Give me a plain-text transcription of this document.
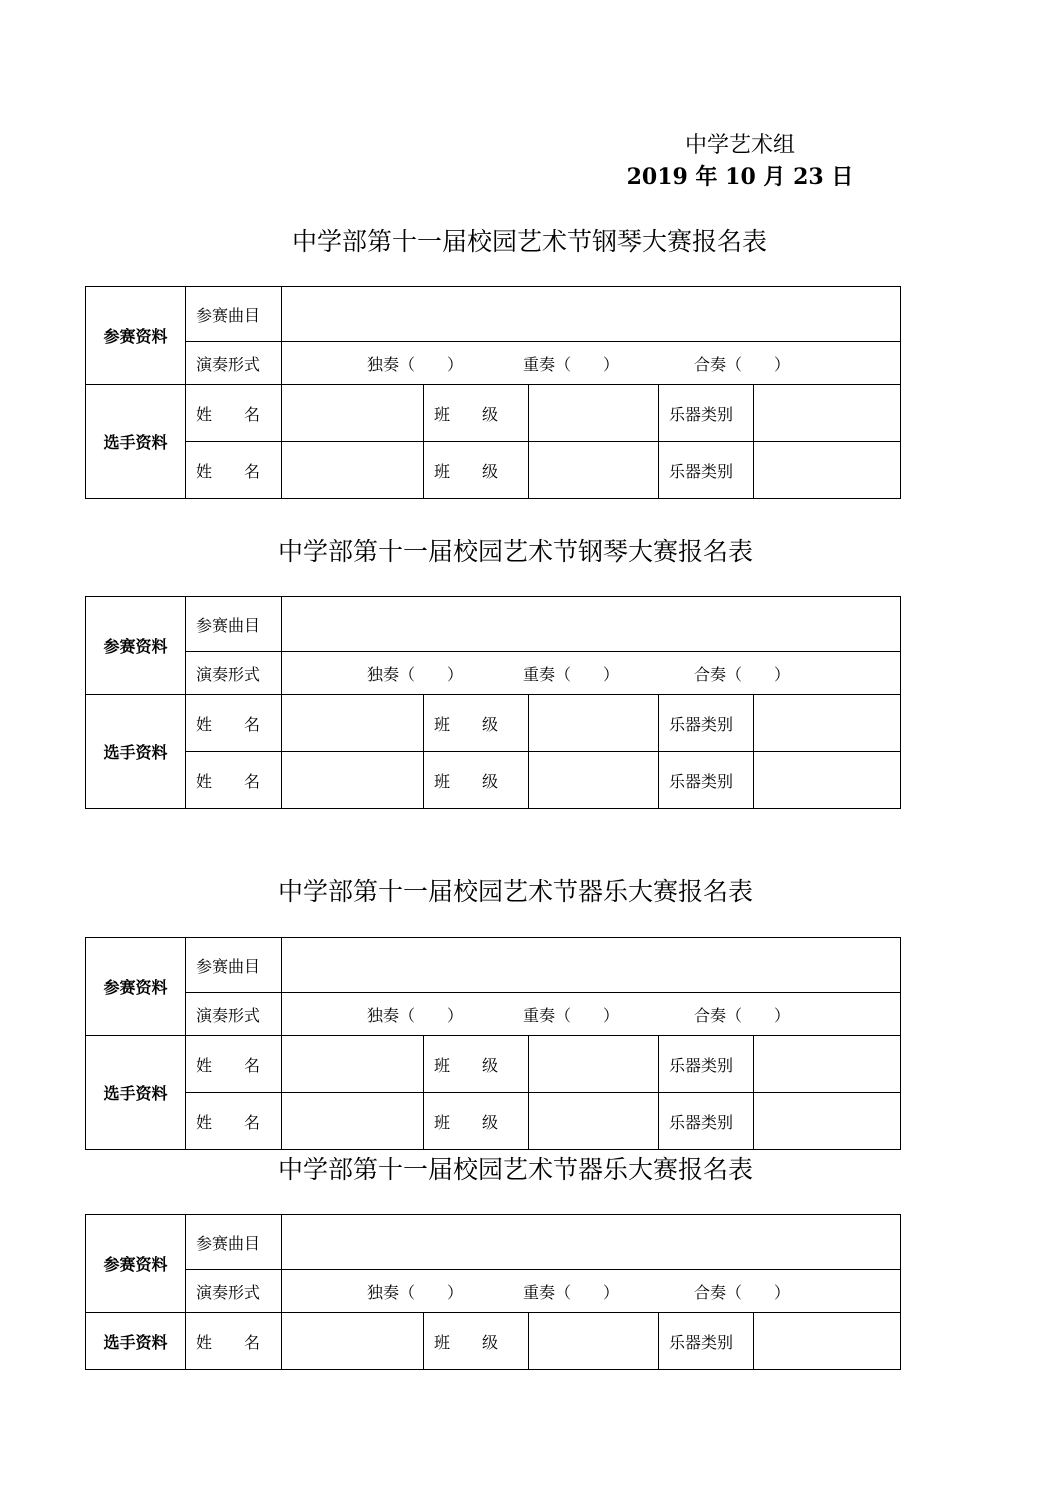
中学艺术组
2019 年 10 月 23 日
中学部第十一届校园艺术节钢琴大赛报名表
参赛资料	参赛曲目					
	演奏形式	独奏（　　） 重奏（　　） 合奏（　　）				

选手资料	姓　　名		班　　级		乐器类别	
	姓　　名		班　　级		乐器类别	
中学部第十一届校园艺术节钢琴大赛报名表
参赛资料	参赛曲目					
	演奏形式	独奏（　　） 重奏（　　） 合奏（　　）				

选手资料	姓　　名		班　　级		乐器类别	
	姓　　名		班　　级		乐器类别	
中学部第十一届校园艺术节器乐大赛报名表
参赛资料	参赛曲目					
	演奏形式	独奏（　　） 重奏（　　） 合奏（　　）				

选手资料	姓　　名		班　　级		乐器类别	
	姓　　名		班　　级		乐器类别	
中学部第十一届校园艺术节器乐大赛报名表
参赛资料	参赛曲目					
	演奏形式	独奏（　　） 重奏（　　） 合奏（　　）				

选手资料	姓　　名		班　　级		乐器类别	
